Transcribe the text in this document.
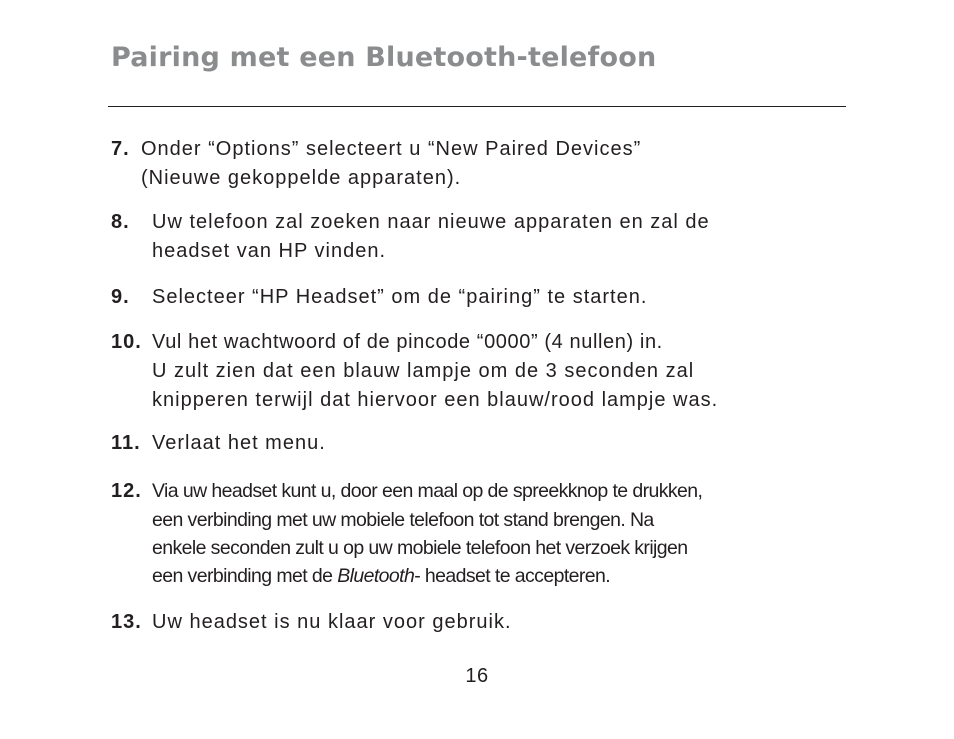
Pairing met een Bluetooth-telefoon
7. Onder “Options” selecteert u “New Paired Devices”
(Nieuwe gekoppelde apparaten).
8. Uw telefoon zal zoeken naar nieuwe apparaten en zal de
headset van HP vinden.
9. Selecteer “HP Headset” om de “pairing” te starten.
10. Vul het wachtwoord of de pincode “0000” (4 nullen) in.
U zult zien dat een blauw lampje om de 3 seconden zal
knipperen terwijl dat hiervoor een blauw/rood lampje was.
11. Verlaat het menu.
12. Via uw headset kunt u, door een maal op de spreekknop te drukken,
een verbinding met uw mobiele telefoon tot stand brengen. Na
enkele seconden zult u op uw mobiele telefoon het verzoek krijgen
een verbinding met de Bluetooth- headset te accepteren.
13. Uw headset is nu klaar voor gebruik.
16
